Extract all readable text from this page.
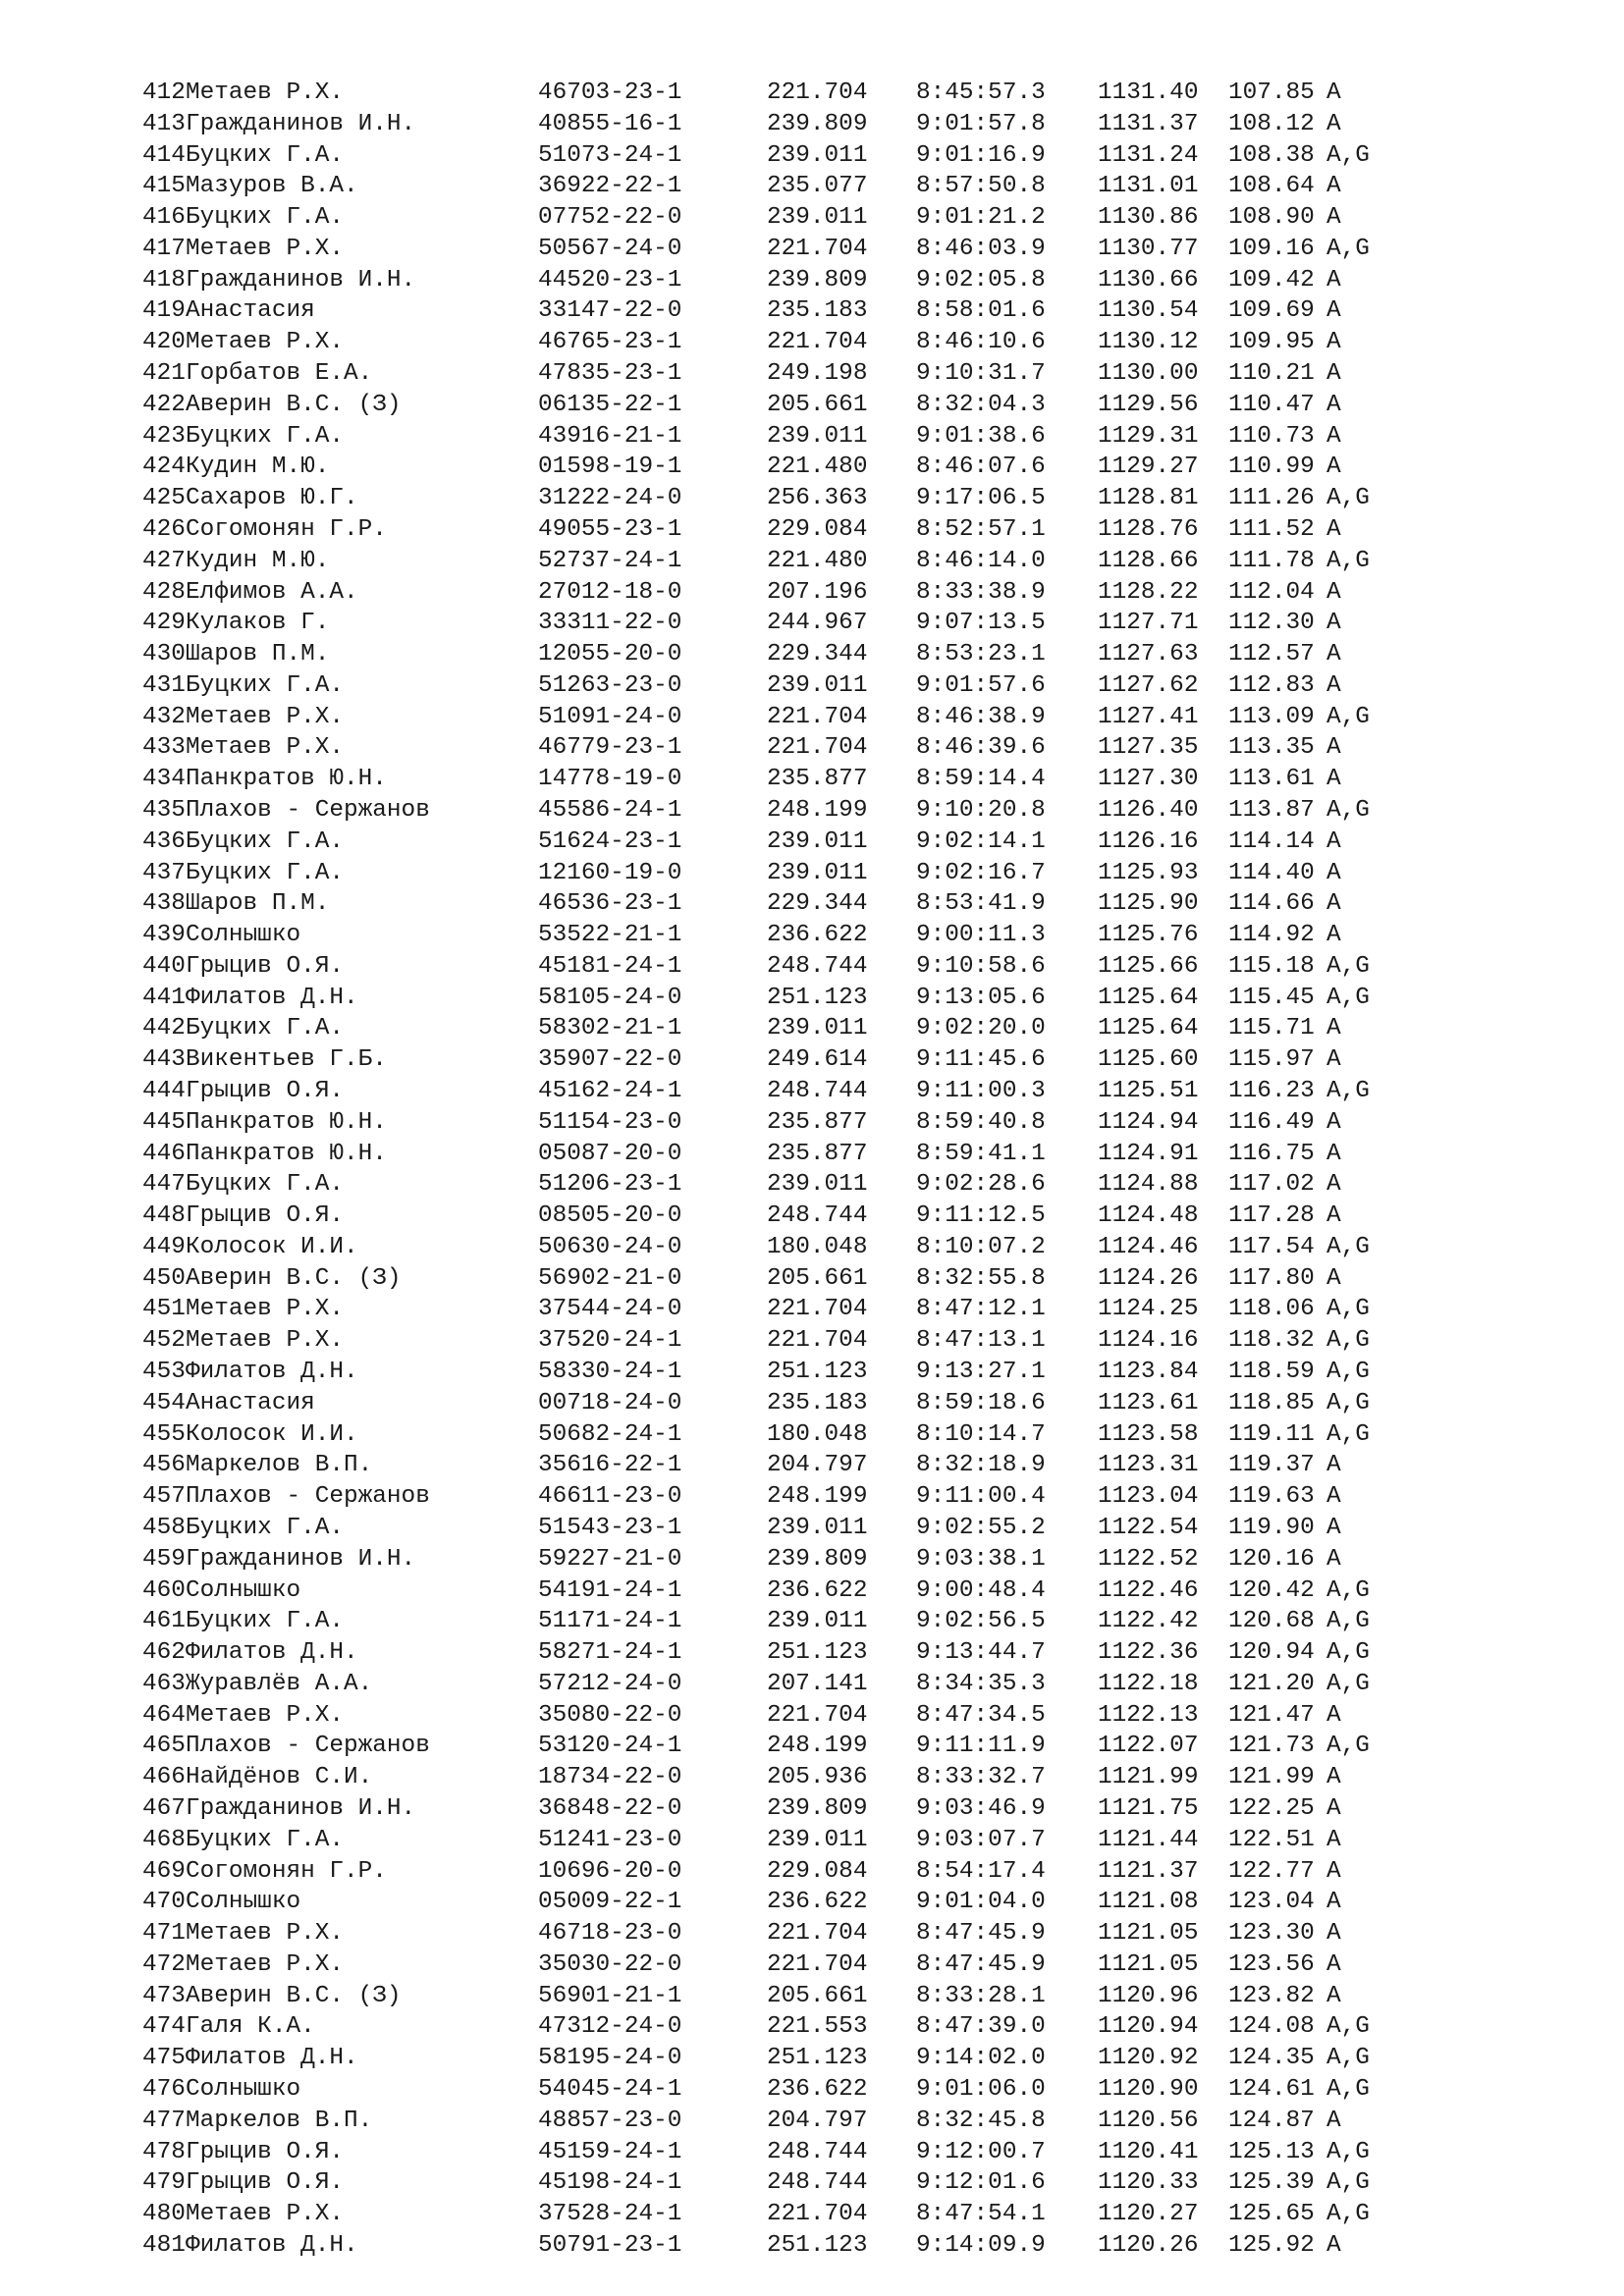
412 Метаев Р.Х.	46703-23-1	221.704	8:45:57.3	1131.40	107.85 A
413 Гражданинов И.Н.	40855-16-1	239.809	9:01:57.8	1131.37	108.12 A
414 Буцких Г.А.	51073-24-1	239.011	9:01:16.9	1131.24	108.38 A,G
415 Мазуров В.А.	36922-22-1	235.077	8:57:50.8	1131.01	108.64 A
416 Буцких Г.А.	07752-22-0	239.011	9:01:21.2	1130.86	108.90 A
417 Метаев Р.Х.	50567-24-0	221.704	8:46:03.9	1130.77	109.16 A,G
418 Гражданинов И.Н.	44520-23-1	239.809	9:02:05.8	1130.66	109.42 A
419 Анастасия	33147-22-0	235.183	8:58:01.6	1130.54	109.69 A
420 Метаев Р.Х.	46765-23-1	221.704	8:46:10.6	1130.12	109.95 A
421 Горбатов Е.А.	47835-23-1	249.198	9:10:31.7	1130.00	110.21 A
422 Аверин В.С. (З)	06135-22-1	205.661	8:32:04.3	1129.56	110.47 A
423 Буцких Г.А.	43916-21-1	239.011	9:01:38.6	1129.31	110.73 A
424 Кудин М.Ю.	01598-19-1	221.480	8:46:07.6	1129.27	110.99 A
425 Сахаров Ю.Г.	31222-24-0	256.363	9:17:06.5	1128.81	111.26 A,G
426 Согомонян Г.Р.	49055-23-1	229.084	8:52:57.1	1128.76	111.52 A
427 Кудин М.Ю.	52737-24-1	221.480	8:46:14.0	1128.66	111.78 A,G
428 Елфимов А.А.	27012-18-0	207.196	8:33:38.9	1128.22	112.04 A
429 Кулаков Г.	33311-22-0	244.967	9:07:13.5	1127.71	112.30 A
430 Шаров П.М.	12055-20-0	229.344	8:53:23.1	1127.63	112.57 A
431 Буцких Г.А.	51263-23-0	239.011	9:01:57.6	1127.62	112.83 A
432 Метаев Р.Х.	51091-24-0	221.704	8:46:38.9	1127.41	113.09 A,G
433 Метаев Р.Х.	46779-23-1	221.704	8:46:39.6	1127.35	113.35 A
434 Панкратов Ю.Н.	14778-19-0	235.877	8:59:14.4	1127.30	113.61 A
435 Плахов - Сержанов	45586-24-1	248.199	9:10:20.8	1126.40	113.87 A,G
436 Буцких Г.А.	51624-23-1	239.011	9:02:14.1	1126.16	114.14 A
437 Буцких Г.А.	12160-19-0	239.011	9:02:16.7	1125.93	114.40 A
438 Шаров П.М.	46536-23-1	229.344	8:53:41.9	1125.90	114.66 A
439 Солнышко	53522-21-1	236.622	9:00:11.3	1125.76	114.92 A
440 Грыцив О.Я.	45181-24-1	248.744	9:10:58.6	1125.66	115.18 A,G
441 Филатов Д.Н.	58105-24-0	251.123	9:13:05.6	1125.64	115.45 A,G
442 Буцких Г.А.	58302-21-1	239.011	9:02:20.0	1125.64	115.71 A
443 Викентьев Г.Б.	35907-22-0	249.614	9:11:45.6	1125.60	115.97 A
444 Грыцив О.Я.	45162-24-1	248.744	9:11:00.3	1125.51	116.23 A,G
445 Панкратов Ю.Н.	51154-23-0	235.877	8:59:40.8	1124.94	116.49 A
446 Панкратов Ю.Н.	05087-20-0	235.877	8:59:41.1	1124.91	116.75 A
447 Буцких Г.А.	51206-23-1	239.011	9:02:28.6	1124.88	117.02 A
448 Грыцив О.Я.	08505-20-0	248.744	9:11:12.5	1124.48	117.28 A
449 Колосок И.И.	50630-24-0	180.048	8:10:07.2	1124.46	117.54 A,G
450 Аверин В.С. (З)	56902-21-0	205.661	8:32:55.8	1124.26	117.80 A
451 Метаев Р.Х.	37544-24-0	221.704	8:47:12.1	1124.25	118.06 A,G
452 Метаев Р.Х.	37520-24-1	221.704	8:47:13.1	1124.16	118.32 A,G
453 Филатов Д.Н.	58330-24-1	251.123	9:13:27.1	1123.84	118.59 A,G
454 Анастасия	00718-24-0	235.183	8:59:18.6	1123.61	118.85 A,G
455 Колосок И.И.	50682-24-1	180.048	8:10:14.7	1123.58	119.11 A,G
456 Маркелов В.П.	35616-22-1	204.797	8:32:18.9	1123.31	119.37 A
457 Плахов - Сержанов	46611-23-0	248.199	9:11:00.4	1123.04	119.63 A
458 Буцких Г.А.	51543-23-1	239.011	9:02:55.2	1122.54	119.90 A
459 Гражданинов И.Н.	59227-21-0	239.809	9:03:38.1	1122.52	120.16 A
460 Солнышко	54191-24-1	236.622	9:00:48.4	1122.46	120.42 A,G
461 Буцких Г.А.	51171-24-1	239.011	9:02:56.5	1122.42	120.68 A,G
462 Филатов Д.Н.	58271-24-1	251.123	9:13:44.7	1122.36	120.94 A,G
463 Журавлёв А.А.	57212-24-0	207.141	8:34:35.3	1122.18	121.20 A,G
464 Метаев Р.Х.	35080-22-0	221.704	8:47:34.5	1122.13	121.47 A
465 Плахов - Сержанов	53120-24-1	248.199	9:11:11.9	1122.07	121.73 A,G
466 Найдёнов С.И.	18734-22-0	205.936	8:33:32.7	1121.99	121.99 A
467 Гражданинов И.Н.	36848-22-0	239.809	9:03:46.9	1121.75	122.25 A
468 Буцких Г.А.	51241-23-0	239.011	9:03:07.7	1121.44	122.51 A
469 Согомонян Г.Р.	10696-20-0	229.084	8:54:17.4	1121.37	122.77 A
470 Солнышко	05009-22-1	236.622	9:01:04.0	1121.08	123.04 A
471 Метаев Р.Х.	46718-23-0	221.704	8:47:45.9	1121.05	123.30 A
472 Метаев Р.Х.	35030-22-0	221.704	8:47:45.9	1121.05	123.56 A
473 Аверин В.С. (З)	56901-21-1	205.661	8:33:28.1	1120.96	123.82 A
474 Галя К.А.	47312-24-0	221.553	8:47:39.0	1120.94	124.08 A,G
475 Филатов Д.Н.	58195-24-0	251.123	9:14:02.0	1120.92	124.35 A,G
476 Солнышко	54045-24-1	236.622	9:01:06.0	1120.90	124.61 A,G
477 Маркелов В.П.	48857-23-0	204.797	8:32:45.8	1120.56	124.87 A
478 Грыцив О.Я.	45159-24-1	248.744	9:12:00.7	1120.41	125.13 A,G
479 Грыцив О.Я.	45198-24-1	248.744	9:12:01.6	1120.33	125.39 A,G
480 Метаев Р.Х.	37528-24-1	221.704	8:47:54.1	1120.27	125.65 A,G
481 Филатов Д.Н.	50791-23-1	251.123	9:14:09.9	1120.26	125.92 A
